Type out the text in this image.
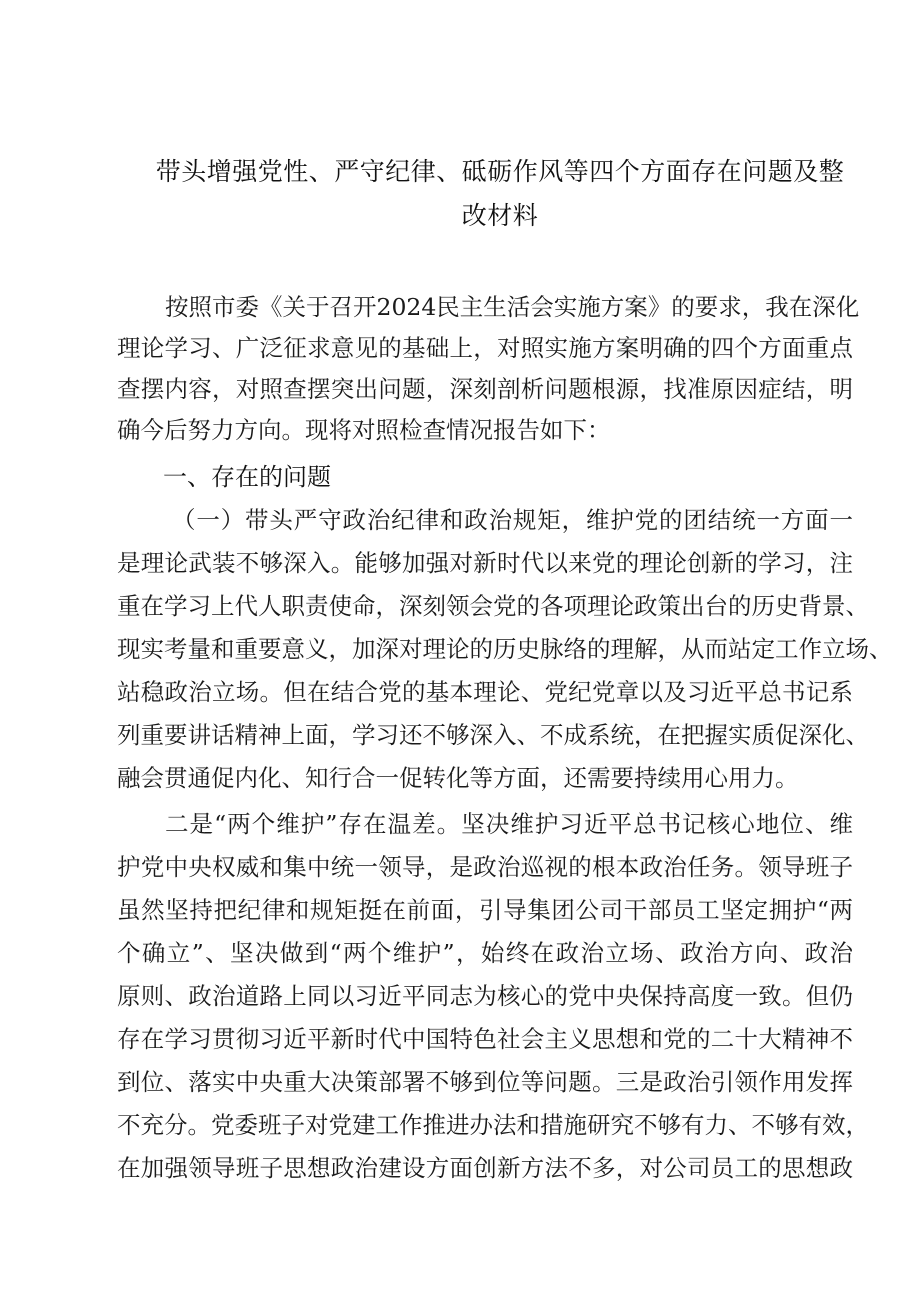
带头增强党性、严守纪律、砥砺作风等四个方面存在问题及整
改材料
按照市委《关于召开2024民主生活会实施方案》的要求，我在深化
理论学习、广泛征求意见的基础上，对照实施方案明确的四个方面重点
查摆内容，对照查摆突出问题，深刻剖析问题根源，找准原因症结，明
确今后努力方向。现将对照检查情况报告如下：
一、存在的问题
（一）带头严守政治纪律和政治规矩，维护党的团结统一方面一
是理论武装不够深入。能够加强对新时代以来党的理论创新的学习，注
重在学习上代人职责使命，深刻领会党的各项理论政策出台的历史背景、
现实考量和重要意义，加深对理论的历史脉络的理解，从而站定工作立场、
站稳政治立场。但在结合党的基本理论、党纪党章以及习近平总书记系
列重要讲话精神上面，学习还不够深入、不成系统，在把握实质促深化、
融会贯通促内化、知行合一促转化等方面，还需要持续用心用力。
二是“两个维护”存在温差。坚决维护习近平总书记核心地位、维
护党中央权威和集中统一领导，是政治巡视的根本政治任务。领导班子
虽然坚持把纪律和规矩挺在前面，引导集团公司干部员工坚定拥护“两
个确立”、坚决做到“两个维护”，始终在政治立场、政治方向、政治
原则、政治道路上同以习近平同志为核心的党中央保持高度一致。但仍
存在学习贯彻习近平新时代中国特色社会主义思想和党的二十大精神不
到位、落实中央重大决策部署不够到位等问题。三是政治引领作用发挥
不充分。党委班子对党建工作推进办法和措施研究不够有力、不够有效，
在加强领导班子思想政治建设方面创新方法不多，对公司员工的思想政
